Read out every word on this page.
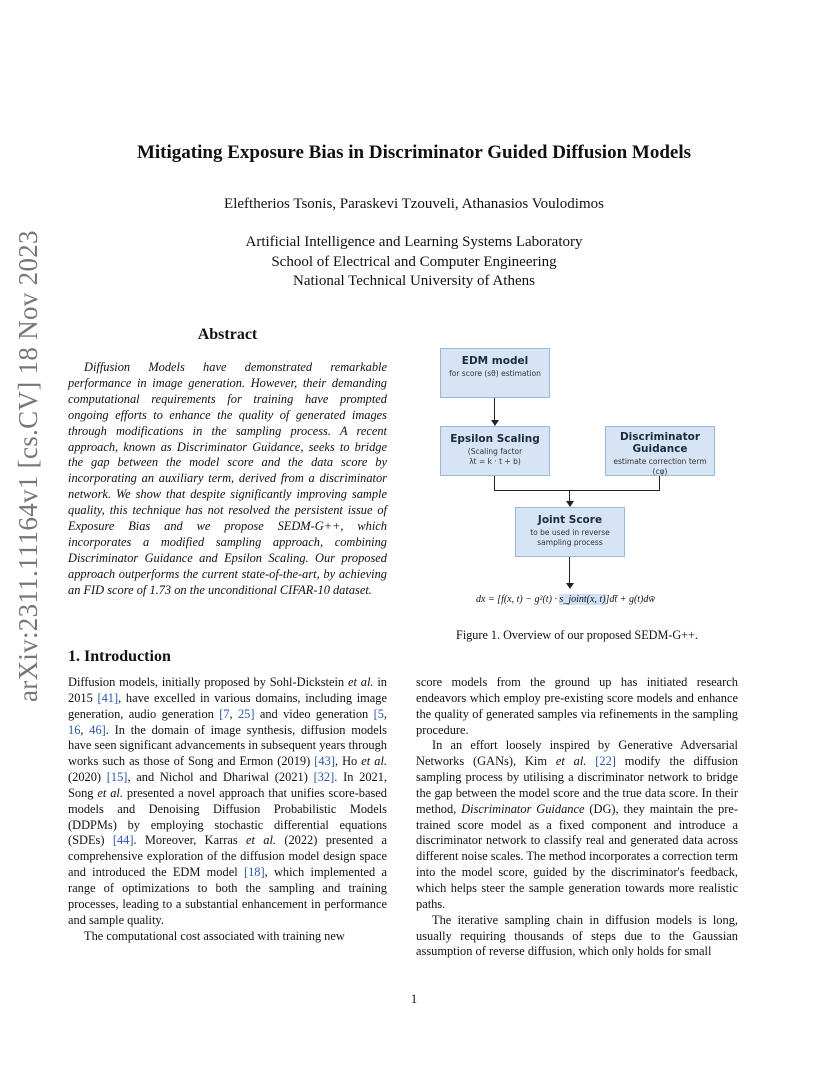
arXiv:2311.11164v1 [cs.CV] 18 Nov 2023
Mitigating Exposure Bias in Discriminator Guided Diffusion Models
Eleftherios Tsonis, Paraskevi Tzouveli, Athanasios Voulodimos
Artificial Intelligence and Learning Systems Laboratory
School of Electrical and Computer Engineering
National Technical University of Athens
Abstract
Diffusion Models have demonstrated remarkable performance in image generation. However, their demanding computational requirements for training have prompted ongoing efforts to enhance the quality of generated images through modifications in the sampling process. A recent approach, known as Discriminator Guidance, seeks to bridge the gap between the model score and the data score by incorporating an auxiliary term, derived from a discriminator network. We show that despite significantly improving sample quality, this technique has not resolved the persistent issue of Exposure Bias and we propose SEDM-G++, which incorporates a modified sampling approach, combining Discriminator Guidance and Epsilon Scaling. Our proposed approach outperforms the current state-of-the-art, by achieving an FID score of 1.73 on the unconditional CIFAR-10 dataset.
EDM model
for score (sθ) estimation
Epsilon Scaling
(Scaling factor
λt = k · t + b)
Discriminator
Guidance
estimate correction term (cφ)
Joint Score
to be used in reverse
sampling process
dx = [f(x, t) − g²(t) · s_joint(x, t)]dt̄ + g(t)dw̄
Figure 1. Overview of our proposed SEDM-G++.
1. Introduction

Diffusion models, initially proposed by Sohl-Dickstein et al. in 2015 [41], have excelled in various domains, including image generation, audio generation [7, 25] and video generation [5, 16, 46]. In the domain of image synthesis, diffusion models have seen significant advancements in subsequent years through works such as those of Song and Ermon (2019) [43], Ho et al. (2020) [15], and Nichol and Dhariwal (2021) [32]. In 2021, Song et al. presented a novel approach that unifies score-based models and Denoising Diffusion Probabilistic Models (DDPMs) by employing stochastic differential equations (SDEs) [44]. Moreover, Karras et al. (2022) presented a comprehensive exploration of the diffusion model design space and introduced the EDM model [18], which implemented a range of optimizations to both the sampling and training processes, leading to a substantial enhancement in performance and sample quality.

The computational cost associated with training new

score models from the ground up has initiated research endeavors which employ pre-existing score models and enhance the quality of generated samples via refinements in the sampling procedure.

In an effort loosely inspired by Generative Adversarial Networks (GANs), Kim et al. [22] modify the diffusion sampling process by utilising a discriminator network to bridge the gap between the model score and the true data score. In their method, Discriminator Guidance (DG), they maintain the pre-trained score model as a fixed component and introduce a discriminator network to classify real and generated data across different noise scales. The method incorporates a correction term into the model score, guided by the discriminator's feedback, which helps steer the sample generation towards more realistic paths.

The iterative sampling chain in diffusion models is long, usually requiring thousands of steps due to the Gaussian assumption of reverse diffusion, which only holds for small

1
